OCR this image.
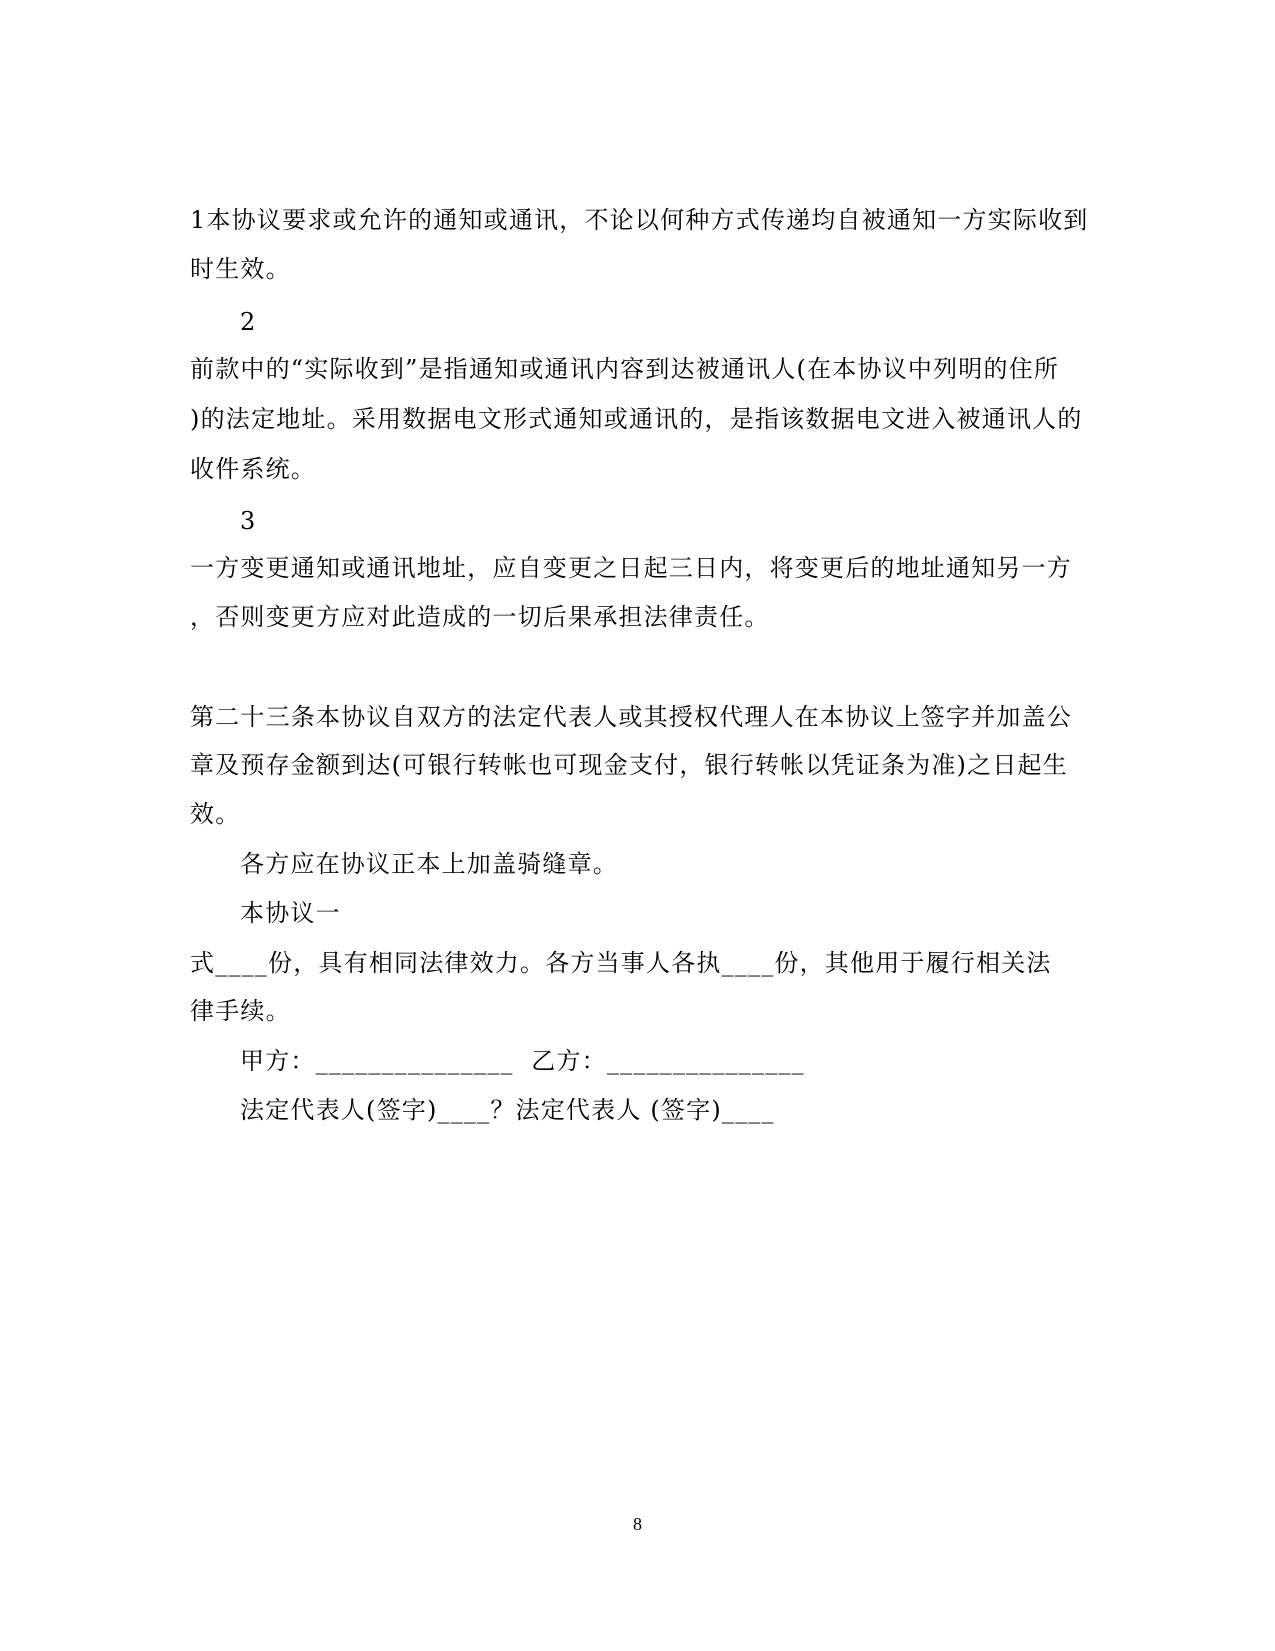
1本协议要求或允许的通知或通讯，不论以何种方式传递均自被通知一方实际收到
时生效。
2
前款中的“实际收到”是指通知或通讯内容到达被通讯人(在本协议中列明的住所
)的法定地址。采用数据电文形式通知或通讯的，是指该数据电文进入被通讯人的
收件系统。
3
一方变更通知或通讯地址，应自变更之日起三日内，将变更后的地址通知另一方
，否则变更方应对此造成的一切后果承担法律责任。
第二十三条本协议自双方的法定代表人或其授权代理人在本协议上签字并加盖公
章及预存金额到达(可银行转帐也可现金支付，银行转帐以凭证条为准)之日起生
效。
各方应在协议正本上加盖骑缝章。
本协议一
式____份，具有相同法律效力。各方当事人各执____份，其他用于履行相关法
律手续。
甲方：_______________  乙方：_______________
法定代表人(签字)____？法定代表人 (签字)____
8
